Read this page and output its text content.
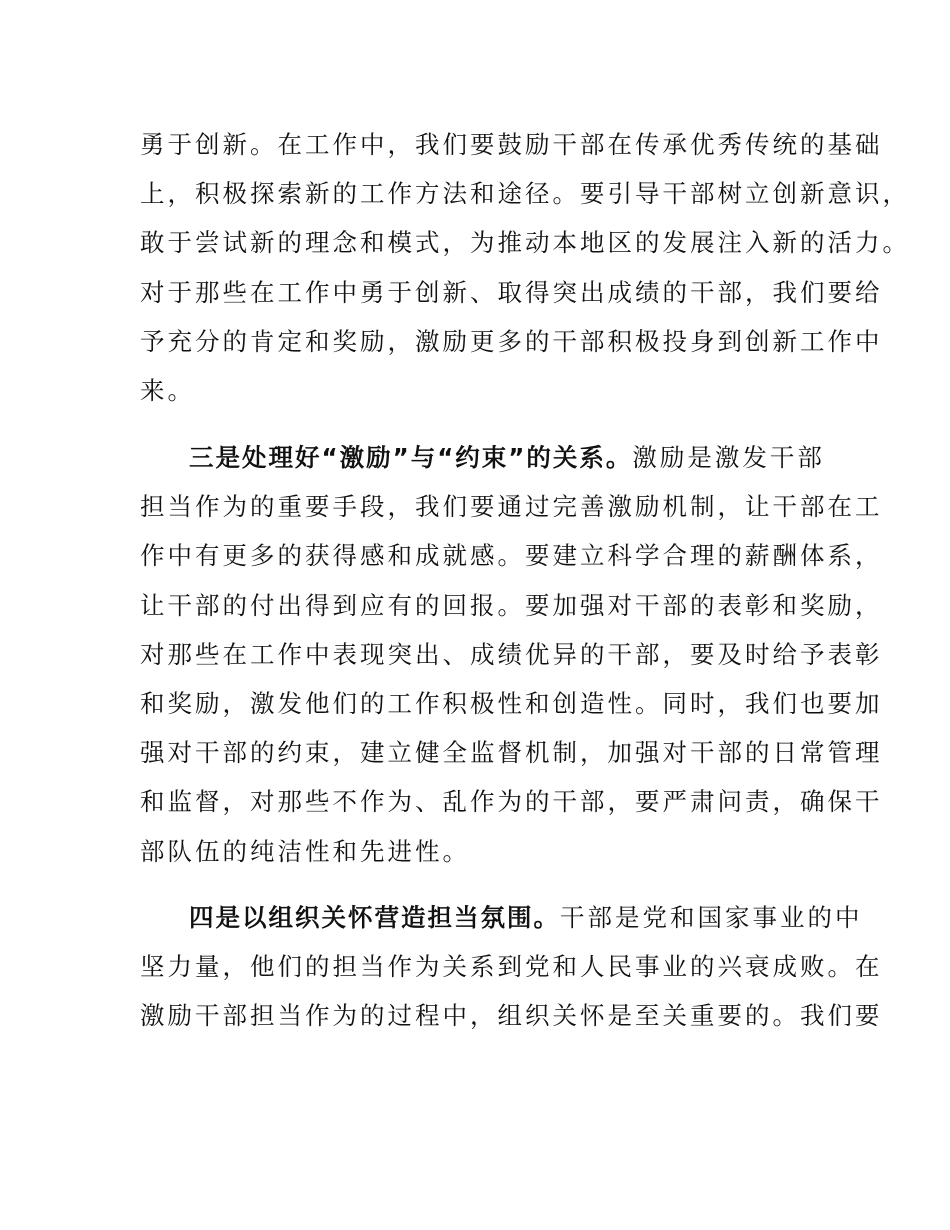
勇于创新。在工作中，我们要鼓励干部在传承优秀传统的基础
上，积极探索新的工作方法和途径。要引导干部树立创新意识，
敢于尝试新的理念和模式，为推动本地区的发展注入新的活力。
对于那些在工作中勇于创新、取得突出成绩的干部，我们要给
予充分的肯定和奖励，激励更多的干部积极投身到创新工作中
来。
三是处理好“激励”与“约束”的关系。激励是激发干部
担当作为的重要手段，我们要通过完善激励机制，让干部在工
作中有更多的获得感和成就感。要建立科学合理的薪酬体系，
让干部的付出得到应有的回报。要加强对干部的表彰和奖励，
对那些在工作中表现突出、成绩优异的干部，要及时给予表彰
和奖励，激发他们的工作积极性和创造性。同时，我们也要加
强对干部的约束，建立健全监督机制，加强对干部的日常管理
和监督，对那些不作为、乱作为的干部，要严肃问责，确保干
部队伍的纯洁性和先进性。
四是以组织关怀营造担当氛围。干部是党和国家事业的中
坚力量，他们的担当作为关系到党和人民事业的兴衰成败。在
激励干部担当作为的过程中，组织关怀是至关重要的。我们要
